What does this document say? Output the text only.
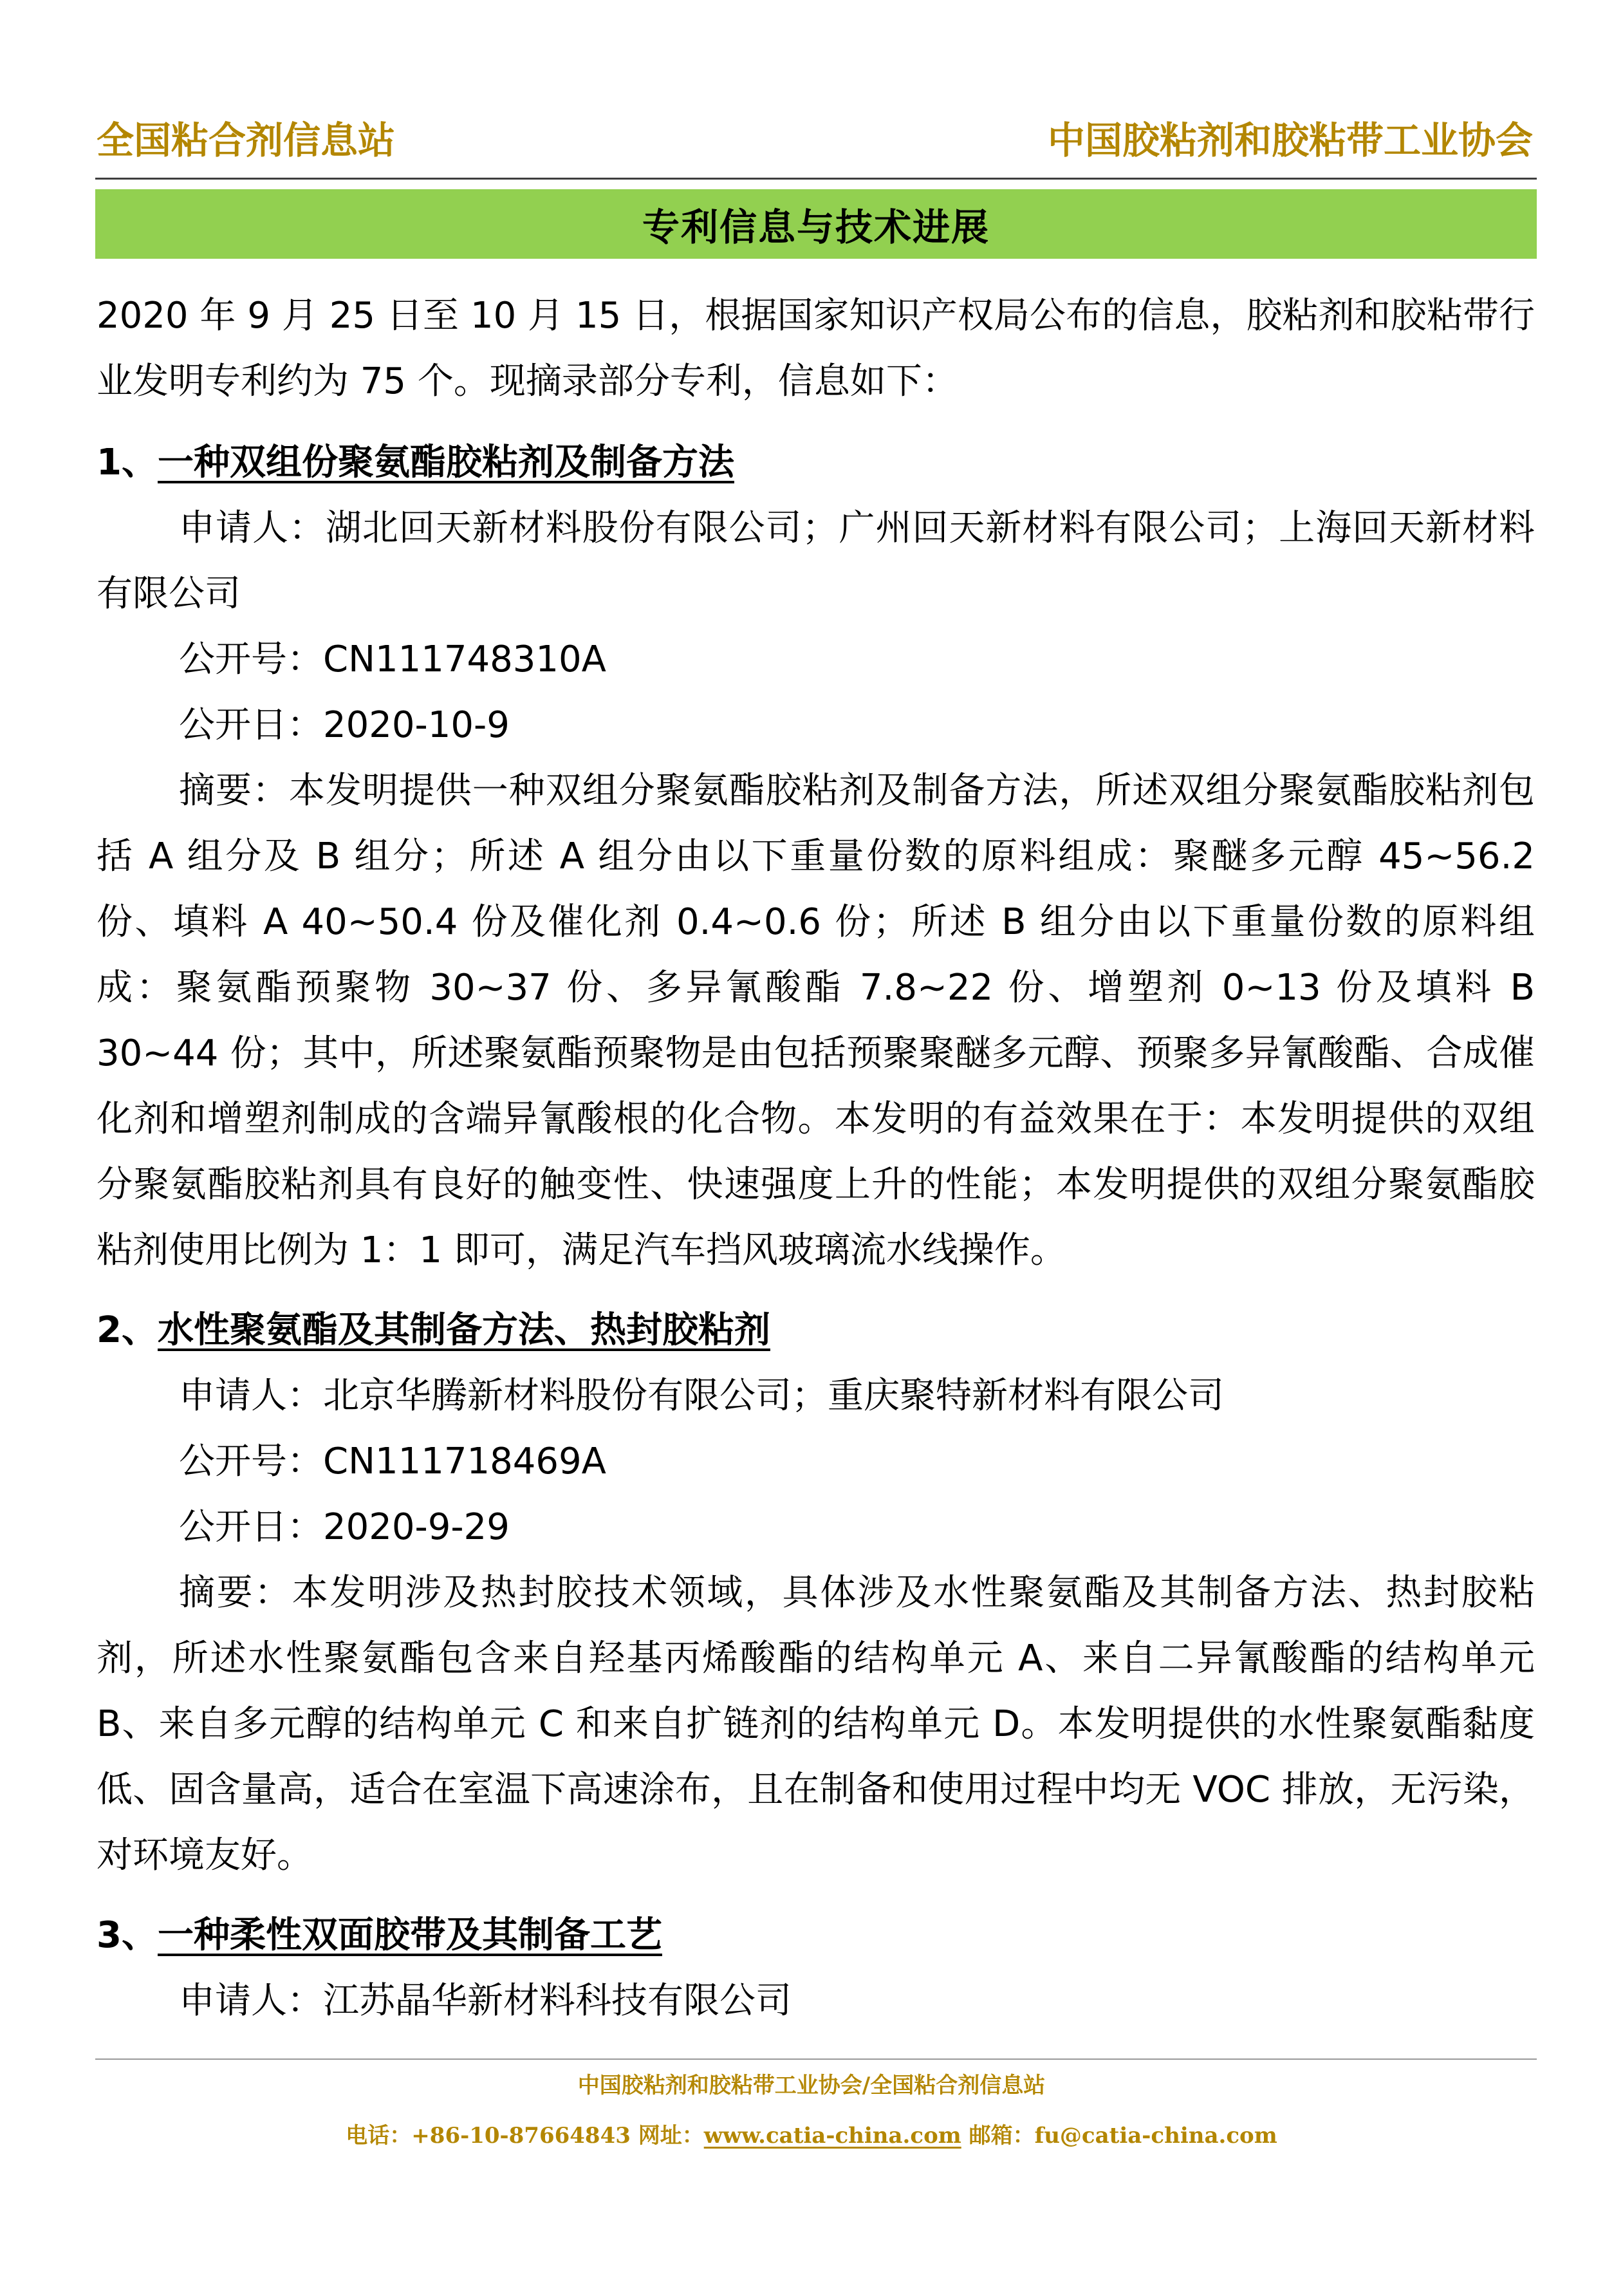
全国粘合剂信息站	中国胶粘剂和胶粘带工业协会
专利信息与技术进展

2020 年 9 月 25 日至 10 月 15 日，根据国家知识产权局公布的信息，胶粘剂和胶粘带行业发明专利约为 75 个。现摘录部分专利，信息如下：

1、一种双组份聚氨酯胶粘剂及制备方法

申请人：湖北回天新材料股份有限公司；广州回天新材料有限公司；上海回天新材料有限公司

公开号：CN111748310A

公开日：2020-10-9

摘要：本发明提供一种双组分聚氨酯胶粘剂及制备方法，所述双组分聚氨酯胶粘剂包括 A 组分及 B 组分；所述 A 组分由以下重量份数的原料组成：聚醚多元醇 45~56.2 份、填料 A 40~50.4 份及催化剂 0.4~0.6 份；所述 B 组分由以下重量份数的原料组成：聚氨酯预聚物 30~37 份、多异氰酸酯 7.8~22 份、增塑剂 0~13 份及填料 B 30~44 份；其中，所述聚氨酯预聚物是由包括预聚聚醚多元醇、预聚多异氰酸酯、合成催化剂和增塑剂制成的含端异氰酸根的化合物。本发明的有益效果在于：本发明提供的双组分聚氨酯胶粘剂具有良好的触变性、快速强度上升的性能；本发明提供的双组分聚氨酯胶粘剂使用比例为 1：1 即可，满足汽车挡风玻璃流水线操作。

2、水性聚氨酯及其制备方法、热封胶粘剂

申请人：北京华腾新材料股份有限公司；重庆聚特新材料有限公司

公开号：CN111718469A

公开日：2020-9-29

摘要：本发明涉及热封胶技术领域，具体涉及水性聚氨酯及其制备方法、热封胶粘剂，所述水性聚氨酯包含来自羟基丙烯酸酯的结构单元 A、来自二异氰酸酯的结构单元 B、来自多元醇的结构单元 C 和来自扩链剂的结构单元 D。本发明提供的水性聚氨酯黏度低、固含量高，适合在室温下高速涂布，且在制备和使用过程中均无 VOC 排放，无污染，对环境友好。

3、一种柔性双面胶带及其制备工艺

申请人：江苏晶华新材料科技有限公司

中国胶粘剂和胶粘带工业协会/全国粘合剂信息站
电话：+86-10-87664843 网址：www.catia-china.com 邮箱：fu@catia-china.com
